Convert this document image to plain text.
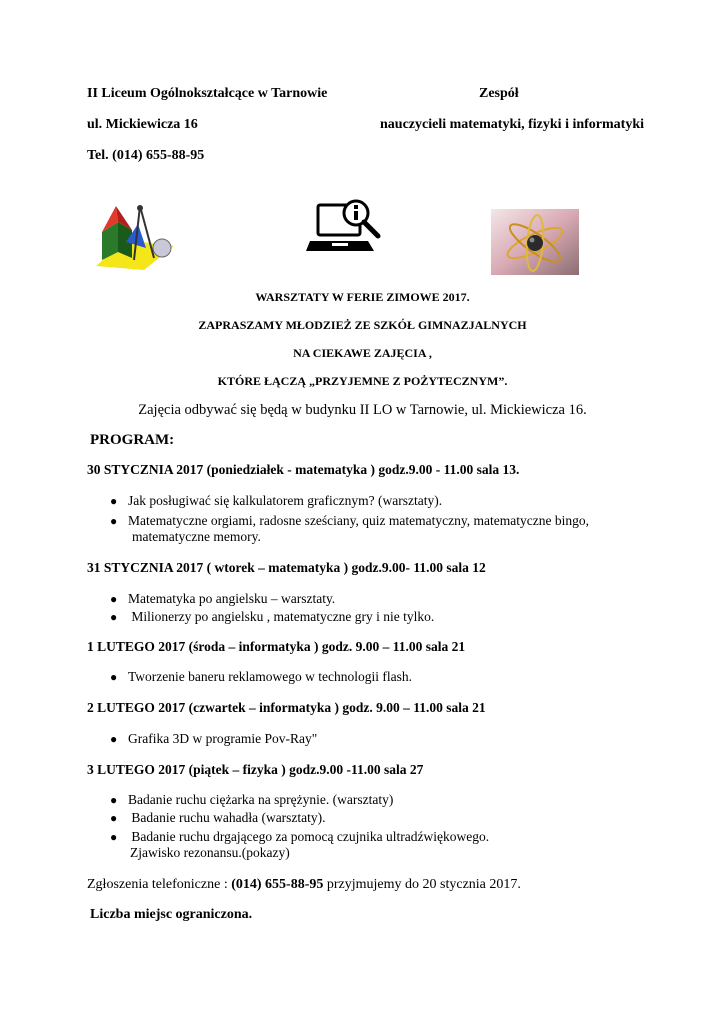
II Liceum Ogólnokształcące w Tarnowie	Zespół
ul. Mickiewicza 16	nauczycieli matematyki, fizyki i informatyki
Tel. (014) 655-88-95
WARSZTATY W FERIE ZIMOWE 2017.
ZAPRASZAMY MŁODZIEŻ ZE SZKÓŁ GIMNAZJALNYCH
NA CIEKAWE ZAJĘCIA ,
KTÓRE ŁĄCZĄ „PRZYJEMNE Z POŻYTECZNYM”.
Zajęcia odbywać się będą w budynku II LO w Tarnowie, ul. Mickiewicza 16.
PROGRAM:
30 STYCZNIA 2017 (poniedziałek - matematyka ) godz.9.00 - 11.00 sala 13.
● Jak posługiwać się kalkulatorem graficznym? (warsztaty).
● Matematyczne orgiami, radosne sześciany, quiz matematyczny, matematyczne bingo,
matematyczne memory.
31 STYCZNIA 2017 ( wtorek – matematyka ) godz.9.00- 11.00 sala 12
● Matematyka po angielsku – warsztaty.
● Milionerzy po angielsku , matematyczne gry i nie tylko.
1 LUTEGO 2017 (środa – informatyka ) godz. 9.00 – 11.00 sala 21
● Tworzenie baneru reklamowego w technologii flash.
2 LUTEGO 2017 (czwartek – informatyka ) godz. 9.00 – 11.00 sala 21
● Grafika 3D w programie Pov-Ray"
3 LUTEGO 2017 (piątek – fizyka ) godz.9.00 -11.00 sala 27
● Badanie ruchu ciężarka na sprężynie. (warsztaty)
● Badanie ruchu wahadła (warsztaty).
● Badanie ruchu drgającego za pomocą czujnika ultradźwiękowego.
Zjawisko rezonansu.(pokazy)
Zgłoszenia telefoniczne : (014) 655-88-95 przyjmujemy do 20 stycznia 2017.
Liczba miejsc ograniczona.
